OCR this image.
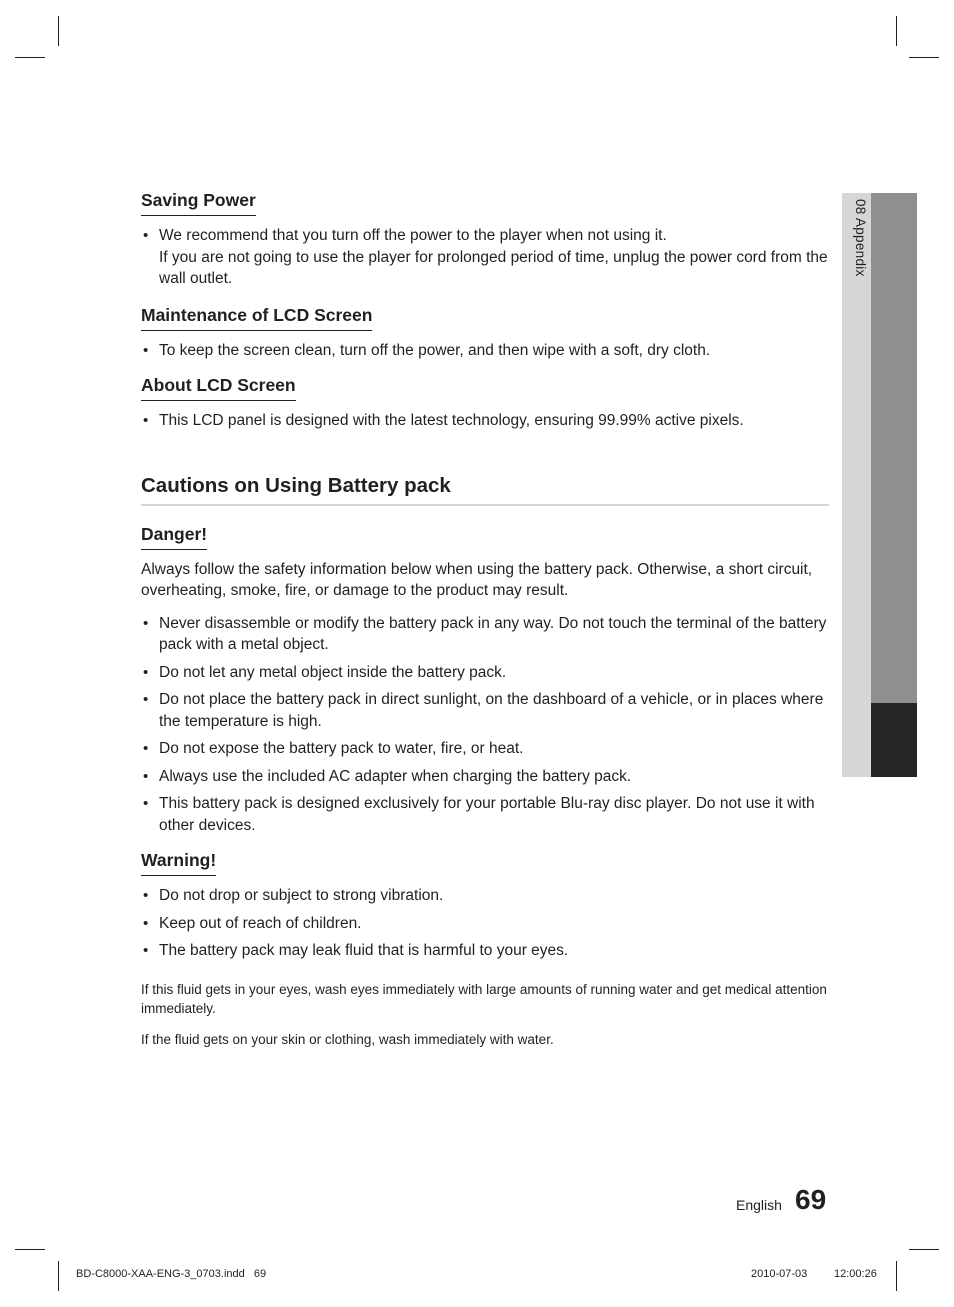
08 Appendix
Saving Power
• We recommend that you turn off the power to the player when not using it.
If you are not going to use the player for prolonged period of time, unplug the power cord from the wall outlet.
Maintenance of LCD Screen
• To keep the screen clean, turn off the power, and then wipe with a soft, dry cloth.
About LCD Screen
• This LCD panel is designed with the latest technology, ensuring 99.99% active pixels.
Cautions on Using Battery pack
Danger!

Always follow the safety information below when using the battery pack. Otherwise, a short circuit, overheating, smoke, fire, or damage to the product may result.

• Never disassemble or modify the battery pack in any way. Do not touch the terminal of the battery pack with a metal object.
• Do not let any metal object inside the battery pack.
• Do not place the battery pack in direct sunlight, on the dashboard of a vehicle, or in places where the temperature is high.
• Do not expose the battery pack to water, fire, or heat.
• Always use the included AC adapter when charging the battery pack.
• This battery pack is designed exclusively for your portable Blu-ray disc player. Do not use it with other devices.
Warning!
• Do not drop or subject to strong vibration.
• Keep out of reach of children.
• The battery pack may leak fluid that is harmful to your eyes.

If this fluid gets in your eyes, wash eyes immediately with large amounts of running water and get medical attention immediately.

If the fluid gets on your skin or clothing, wash immediately with water.

English 69
BD-C8000-XAA-ENG-3_0703.indd   69	2010-07-03 12:00:26
